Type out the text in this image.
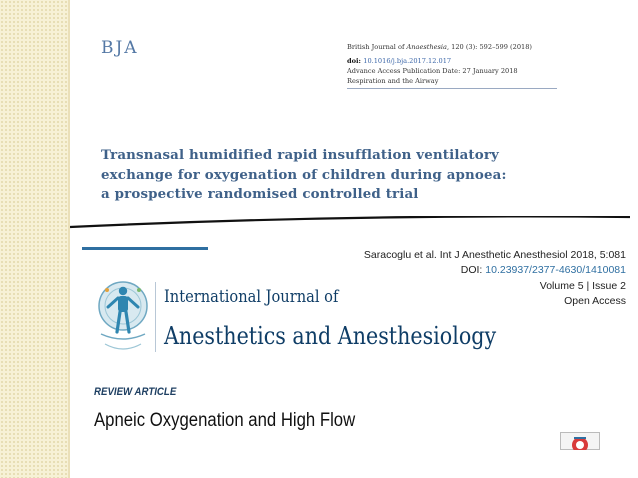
BJA	British Journal of Anaesthesia, 120 (3): 592–599 (2018)
doi: 10.1016/j.bja.2017.12.017
Advance Access Publication Date: 27 January 2018
Respiration and the Airway
Transnasal humidified rapid insufflation ventilatory
exchange for oxygenation of children during apnoea:
a prospective randomised controlled trial
Saracoglu et al. Int J Anesthetic Anesthesiol 2018, 5:081
DOI: 10.23937/2377-4630/1410081
Volume 5 | Issue 2
Open Access
International Journal of
Anesthetics and Anesthesiology
REVIEW ARTICLE
Apneic Oxygenation and High Flow
